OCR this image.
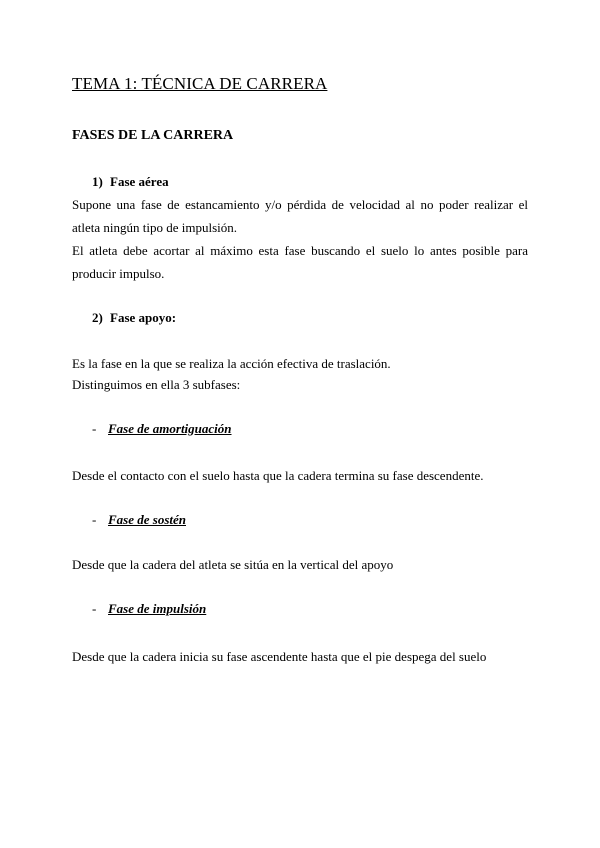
TEMA 1: TÉCNICA DE CARRERA
FASES DE LA CARRERA
1) Fase aérea
Supone una fase de estancamiento y/o pérdida de velocidad al no poder realizar el atleta ningún tipo de impulsión.
El atleta debe acortar al máximo esta fase buscando el suelo lo antes posible para producir impulso.
2) Fase apoyo:
Es la fase en la que se realiza la acción efectiva de traslación.
Distinguimos en ella 3 subfases:
- Fase de amortiguación
Desde el contacto con el suelo hasta que la cadera termina su fase descendente.
- Fase de sostén
Desde que la cadera del atleta se sitúa en la vertical del apoyo
- Fase de impulsión
Desde que la cadera inicia su fase ascendente hasta que el pie despega del suelo
